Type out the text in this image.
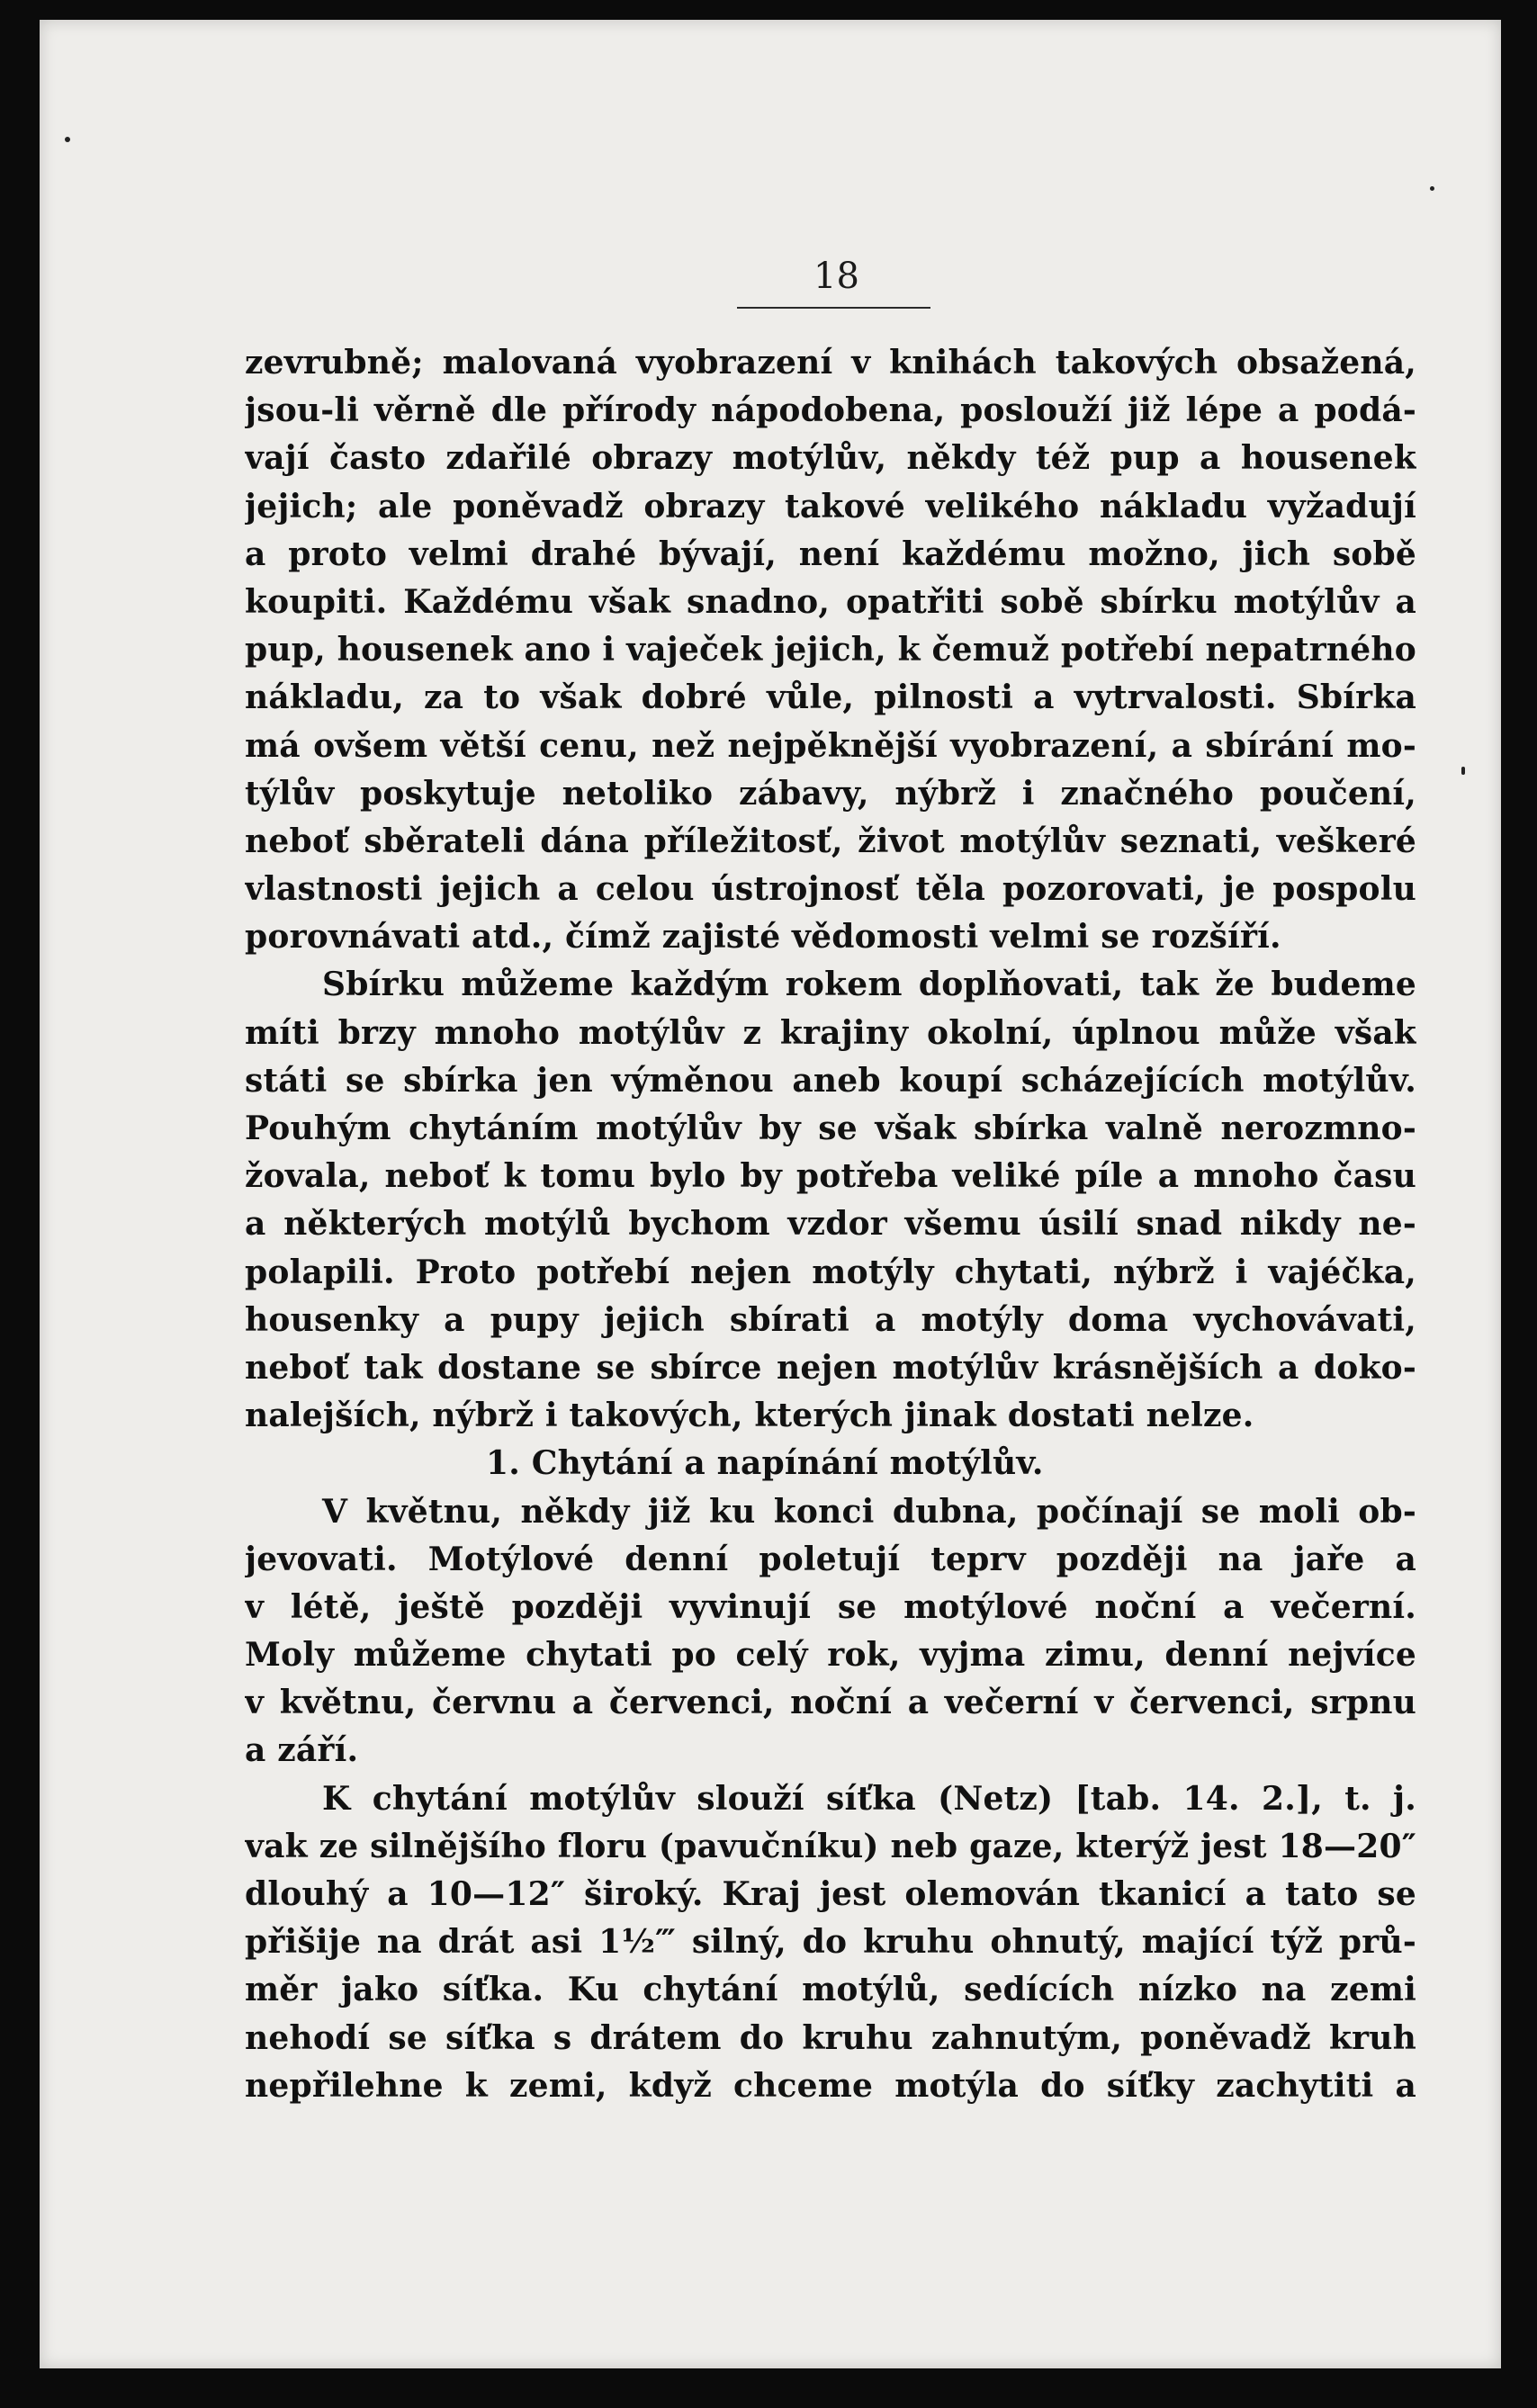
18
zevrubně; malovaná vyobrazení v knihách takových obsažená,
jsou-li věrně dle přírody nápodobena, poslouží již lépe a podá-
vají často zdařilé obrazy motýlův, někdy též pup a housenek
jejich; ale poněvadž obrazy takové velikého nákladu vyžadují
a proto velmi drahé bývají, není každému možno, jich sobě
koupiti. Každému však snadno, opatřiti sobě sbírku motýlův a
pup, housenek ano i vaječek jejich, k čemuž potřebí nepatrného
nákladu, za to však dobré vůle, pilnosti a vytrvalosti. Sbírka
má ovšem větší cenu, než nejpěknější vyobrazení, a sbírání mo-
týlův poskytuje netoliko zábavy, nýbrž i značného poučení,
neboť sběrateli dána příležitosť, život motýlův seznati, veškeré
vlastnosti jejich a celou ústrojnosť těla pozorovati, je pospolu
porovnávati atd., čímž zajisté vědomosti velmi se rozšíří.
Sbírku můžeme každým rokem doplňovati, tak že budeme
míti brzy mnoho motýlův z krajiny okolní, úplnou může však
státi se sbírka jen výměnou aneb koupí scházejících motýlův.
Pouhým chytáním motýlův by se však sbírka valně nerozmno-
žovala, neboť k tomu bylo by potřeba veliké píle a mnoho času
a některých motýlů bychom vzdor všemu úsilí snad nikdy ne-
polapili. Proto potřebí nejen motýly chytati, nýbrž i vajéčka,
housenky a pupy jejich sbírati a motýly doma vychovávati,
neboť tak dostane se sbírce nejen motýlův krásnějších a doko-
nalejších, nýbrž i takových, kterých jinak dostati nelze.
1. Chytání a napínání motýlův.
V květnu, někdy již ku konci dubna, počínají se moli ob-
jevovati. Motýlové denní poletují teprv později na jaře a
v létě, ještě později vyvinují se motýlové noční a večerní.
Moly můžeme chytati po celý rok, vyjma zimu, denní nejvíce
v květnu, červnu a červenci, noční a večerní v červenci, srpnu
a září.
K chytání motýlův slouží síťka (Netz) [tab. 14. 2.], t. j.
vak ze silnějšího floru (pavučníku) neb gaze, kterýž jest 18—20″
dlouhý a 10—12″ široký. Kraj jest olemován tkanicí a tato se
přišije na drát asi 1½‴ silný, do kruhu ohnutý, mající týž prů-
měr jako síťka. Ku chytání motýlů, sedících nízko na zemi
nehodí se síťka s drátem do kruhu zahnutým, poněvadž kruh
nepřilehne k zemi, když chceme motýla do síťky zachytiti a
